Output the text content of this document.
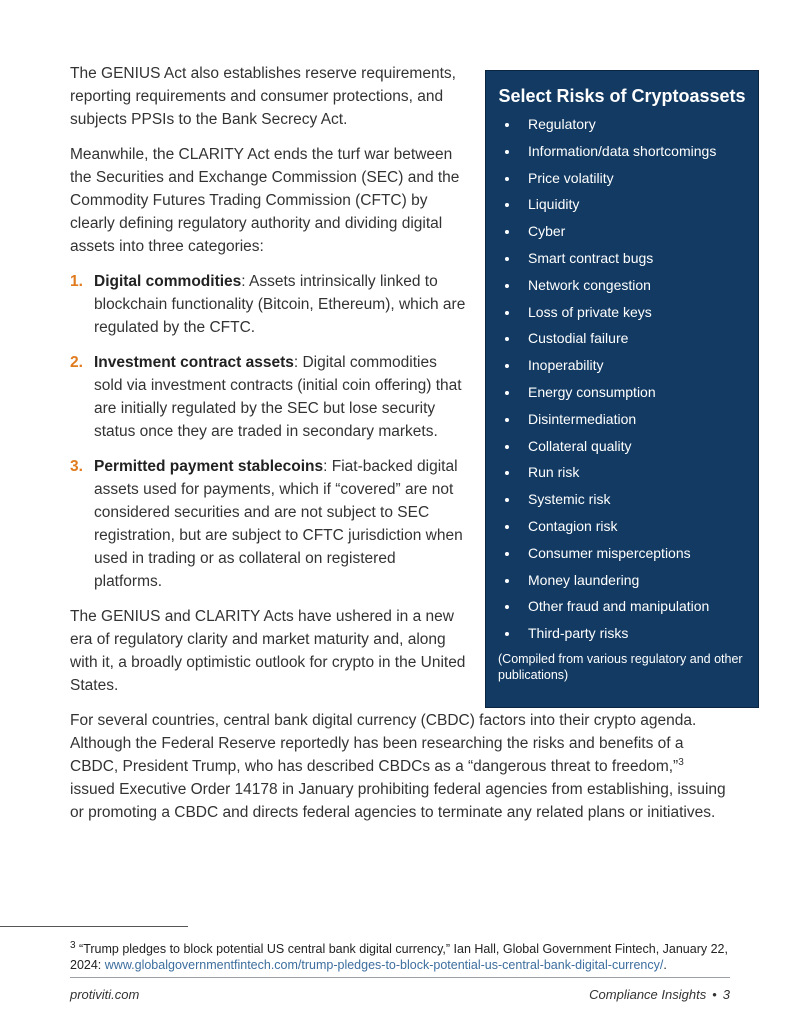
Select Risks of Cryptoassets
• Regulatory
• Information/data shortcomings
• Price volatility
• Liquidity
• Cyber
• Smart contract bugs
• Network congestion
• Loss of private keys
• Custodial failure
• Inoperability
• Energy consumption
• Disintermediation
• Collateral quality
• Run risk
• Systemic risk
• Contagion risk
• Consumer misperceptions
• Money laundering
• Other fraud and manipulation
• Third-party risks

(Compiled from various regulatory and other publications)

The GENIUS Act also establishes reserve requirements, reporting requirements and consumer protections, and subjects PPSIs to the Bank Secrecy Act.

Meanwhile, the CLARITY Act ends the turf war between the Securities and Exchange Commission (SEC) and the Commodity Futures Trading Commission (CFTC) by clearly defining regulatory authority and dividing digital assets into three categories:

1. Digital commodities: Assets intrinsically linked to blockchain functionality (Bitcoin, Ethereum), which are regulated by the CFTC.
2. Investment contract assets: Digital commodities sold via investment contracts (initial coin offering) that are initially regulated by the SEC but lose security status once they are traded in secondary markets.
3. Permitted payment stablecoins: Fiat-backed digital assets used for payments, which if “covered” are not considered securities and are not subject to SEC registration, but are subject to CFTC jurisdiction when used in trading or as collateral on registered platforms.

The GENIUS and CLARITY Acts have ushered in a new era of regulatory clarity and market maturity and, along with it, a broadly optimistic outlook for crypto in the United States.

For several countries, central bank digital currency (CBDC) factors into their crypto agenda. Although the Federal Reserve reportedly has been researching the risks and benefits of a CBDC, President Trump, who has described CBDCs as a “dangerous threat to freedom,”$^3$ issued Executive Order 14178 in January prohibiting federal agencies from establishing, issuing or promoting a CBDC and directs federal agencies to terminate any related plans or initiatives.

$^3$ “Trump pledges to block potential US central bank digital currency,” Ian Hall, Global Government Fintech, January 22, 2024: www.globalgovernmentfintech.com/trump-pledges-to-block-potential-us-central-bank-digital-currency/.
protiviti.com	Compliance Insights • 3
